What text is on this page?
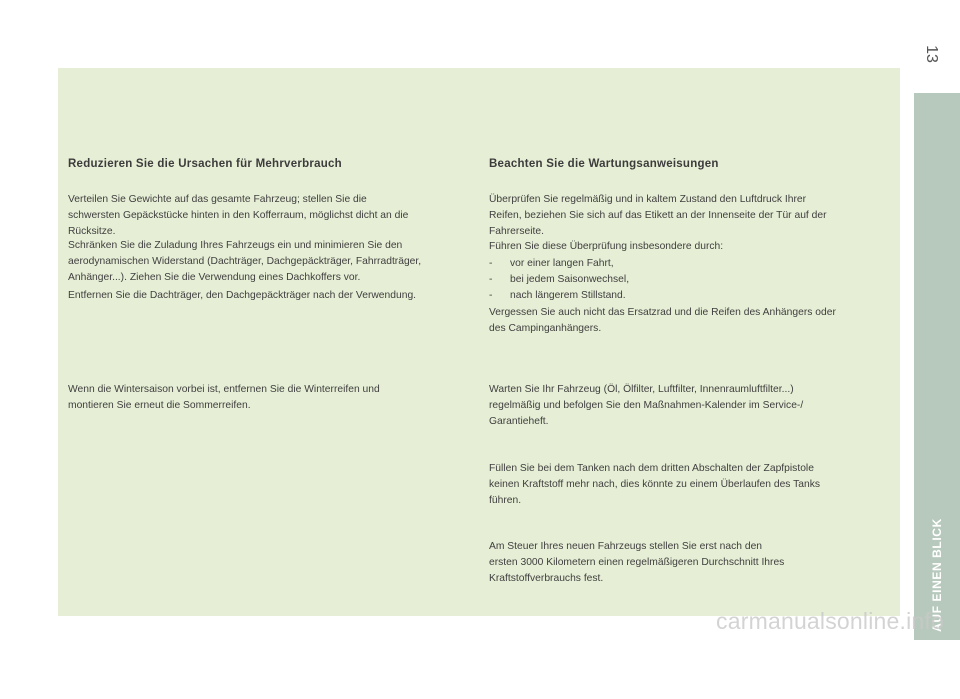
13

Reduzieren Sie die Ursachen für Mehrverbrauch

Verteilen Sie Gewichte auf das gesamte Fahrzeug; stellen Sie die
schwersten Gepäckstücke hinten in den Kofferraum, möglichst dicht an die
Rücksitze.

Schränken Sie die Zuladung Ihres Fahrzeugs ein und minimieren Sie den
aerodynamischen Widerstand (Dachträger, Dachgepäckträger, Fahrradträger,
Anhänger...). Ziehen Sie die Verwendung eines Dachkoffers vor.

Entfernen Sie die Dachträger, den Dachgepäckträger nach der Verwendung.

Wenn die Wintersaison vorbei ist, entfernen Sie die Winterreifen und
montieren Sie erneut die Sommerreifen.

Beachten Sie die Wartungsanweisungen

Überprüfen Sie regelmäßig und in kaltem Zustand den Luftdruck Ihrer
Reifen, beziehen Sie sich auf das Etikett an der Innenseite der Tür auf der
Fahrerseite.

Führen Sie diese Überprüfung insbesondere durch:

-	vor einer langen Fahrt,
-	bei jedem Saisonwechsel,
-	nach längerem Stillstand.

Vergessen Sie auch nicht das Ersatzrad und die Reifen des Anhängers oder
des Campinganhängers.

Warten Sie Ihr Fahrzeug (Öl, Ölfilter, Luftfilter, Innenraumluftfilter...)
regelmäßig und befolgen Sie den Maßnahmen-Kalender im Service-/
Garantieheft.

Füllen Sie bei dem Tanken nach dem dritten Abschalten der Zapfpistole
keinen Kraftstoff mehr nach, dies könnte zu einem Überlaufen des Tanks
führen.

Am Steuer Ihres neuen Fahrzeugs stellen Sie erst nach den
ersten 3000 Kilometern einen regelmäßigeren Durchschnitt Ihres
Kraftstoffverbrauchs fest.	AUF EINEN BLICK
1
carmanualsonline.info
